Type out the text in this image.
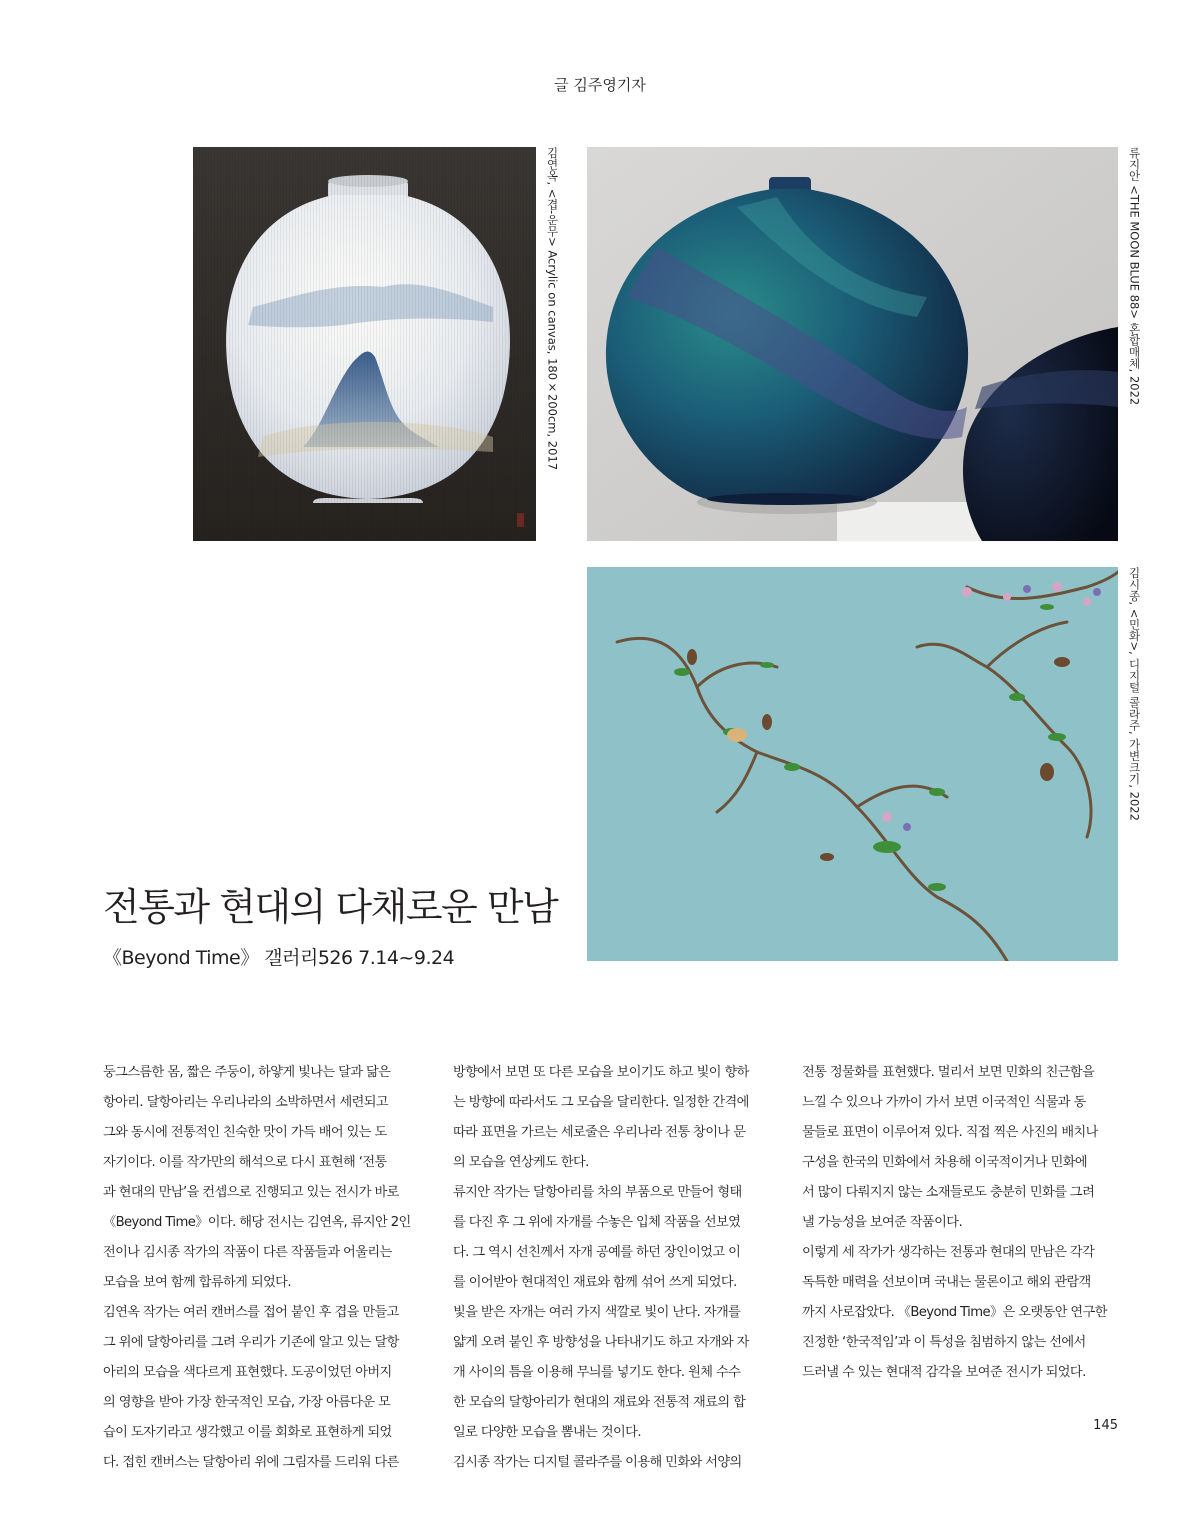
글 김주영기자
김연옥, <겹-운무> Acrylic on canvas, 180×200cm, 2017	류지안 <THE MOON BLUE 88> 혼합매체, 2022
김시종, <민화>, 디지털 콜라주, 가변크기, 2022
전통과 현대의 다채로운 만남
《Beyond Time》 갤러리526 7.14~9.24

둥그스름한 몸, 짧은 주둥이, 하얗게 빛나는 달과 닮은

항아리. 달항아리는 우리나라의 소박하면서 세련되고

그와 동시에 전통적인 친숙한 맛이 가득 배어 있는 도

자기이다. 이를 작가만의 해석으로 다시 표현해 ‘전통

과 현대의 만남’을 컨셉으로 진행되고 있는 전시가 바로

《Beyond Time》이다. 해당 전시는 김연옥, 류지안 2인

전이나 김시종 작가의 작품이 다른 작품들과 어울리는

모습을 보여 함께 합류하게 되었다.

김연옥 작가는 여러 캔버스를 접어 붙인 후 겹을 만들고

그 위에 달항아리를 그려 우리가 기존에 알고 있는 달항

아리의 모습을 색다르게 표현했다. 도공이었던 아버지

의 영향을 받아 가장 한국적인 모습, 가장 아름다운 모

습이 도자기라고 생각했고 이를 회화로 표현하게 되었

다. 접힌 캔버스는 달항아리 위에 그림자를 드리워 다른

방향에서 보면 또 다른 모습을 보이기도 하고 빛이 향하

는 방향에 따라서도 그 모습을 달리한다. 일정한 간격에

따라 표면을 가르는 세로줄은 우리나라 전통 창이나 문

의 모습을 연상케도 한다.

류지안 작가는 달항아리를 차의 부품으로 만들어 형태

를 다진 후 그 위에 자개를 수놓은 입체 작품을 선보였

다. 그 역시 선친께서 자개 공예를 하던 장인이었고 이

를 이어받아 현대적인 재료와 함께 섞어 쓰게 되었다.

빛을 받은 자개는 여러 가지 색깔로 빛이 난다. 자개를

얇게 오려 붙인 후 방향성을 나타내기도 하고 자개와 자

개 사이의 틈을 이용해 무늬를 넣기도 한다. 원체 수수

한 모습의 달항아리가 현대의 재료와 전통적 재료의 합

일로 다양한 모습을 뽐내는 것이다.

김시종 작가는 디지털 콜라주를 이용해 민화와 서양의

전통 정물화를 표현했다. 멀리서 보면 민화의 친근함을

느낄 수 있으나 가까이 가서 보면 이국적인 식물과 동

물들로 표면이 이루어져 있다. 직접 찍은 사진의 배치나

구성을 한국의 민화에서 차용해 이국적이거나 민화에

서 많이 다뤄지지 않는 소재들로도 충분히 민화를 그려

낼 가능성을 보여준 작품이다.

이렇게 세 작가가 생각하는 전통과 현대의 만남은 각각

독특한 매력을 선보이며 국내는 물론이고 해외 관람객

까지 사로잡았다. 《Beyond Time》은 오랫동안 연구한

진정한 ‘한국적임’과 이 특성을 침범하지 않는 선에서

드러낼 수 있는 현대적 감각을 보여준 전시가 되었다.

145
